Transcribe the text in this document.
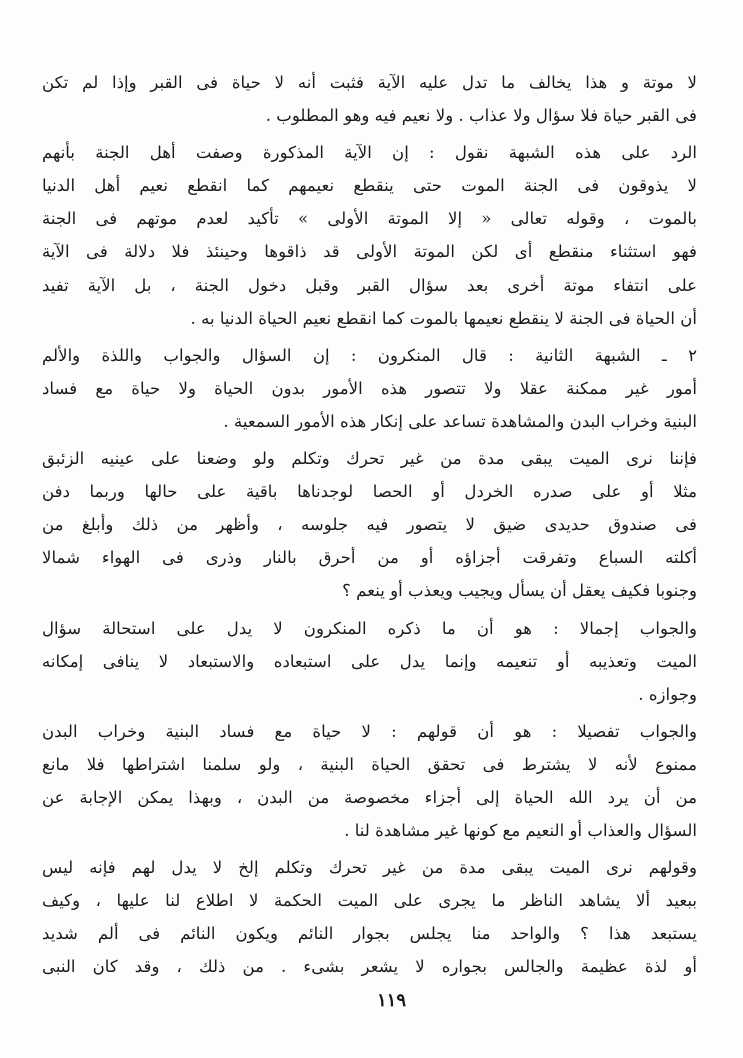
لا موتة و هذا يخالف ما تدل عليه الآية فثبت أنه لا حياة فى القبر وإذا لم تكن
فى القبر حياة فلا سؤال ولا عذاب . ولا نعيم فيه وهو المطلوب .

الرد على هذه الشبهة نقول : إن الآية المذكورة وصفت أهل الجنة بأنهم
لا يذوقون فى الجنة الموت حتى ينقطع نعيمهم كما انقطع نعيم أهل الدنيا
بالموت ، وقوله تعالى « إلا الموتة الأولى » تأكيد لعدم موتهم فى الجنة
فهو استثناء منقطع أى لكن الموتة الأولى قد ذاقوها وحينئذ فلا دلالة فى الآية
على انتفاء موتة أخرى بعد سؤال القبر وقبل دخول الجنة ، بل الآية تفيد
أن الحياة فى الجنة لا ينقطع نعيمها بالموت كما انقطع نعيم الحياة الدنيا به .

٢ ـ الشبهة الثانية : قال المنكرون : إن السؤال والجواب واللذة والألم
أمور غير ممكنة عقلا ولا تتصور هذه الأمور بدون الحياة ولا حياة مع فساد
البنية وخراب البدن والمشاهدة تساعد على إنكار هذه الأمور السمعية .

فإننا نرى الميت يبقى مدة من غير تحرك وتكلم ولو وضعنا على عينيه الزئبق
مثلا أو على صدره الخردل أو الحصا لوجدناها باقية على حالها وربما دفن
فى صندوق حديدى ضيق لا يتصور فيه جلوسه ، وأظهر من ذلك وأبلغ من
أكلته السباع وتفرقت أجزاؤه أو من أحرق بالنار وذرى فى الهواء شمالا
وجنوبا فكيف يعقل أن يسأل ويجيب ويعذب أو ينعم ؟

والجواب إجمالا : هو أن ما ذكره المنكرون لا يدل على استحالة سؤال
الميت وتعذيبه أو تنعيمه وإنما يدل على استبعاده والاستبعاد لا ينافى إمكانه
وجوازه .

والجواب تفصيلا : هو أن قولهم : لا حياة مع فساد البنية وخراب البدن
ممنوع لأنه لا يشترط فى تحقق الحياة البنية ، ولو سلمنا اشتراطها فلا مانع
من أن يرد الله الحياة إلى أجزاء مخصوصة من البدن ، وبهذا يمكن الإجابة عن
السؤال والعذاب أو النعيم مع كونها غير مشاهدة لنا .

وقولهم نرى الميت يبقى مدة من غير تحرك وتكلم إلخ لا يدل لهم فإنه ليس
ببعيد ألا يشاهد الناظر ما يجرى على الميت الحكمة لا اطلاع لنا عليها ، وكيف
يستبعد هذا ؟ والواحد منا يجلس بجوار النائم ويكون النائم فى ألم شديد
أو لذة عظيمة والجالس بجواره لا يشعر بشىء . من ذلك ، وقد كان النبى

١١٩
